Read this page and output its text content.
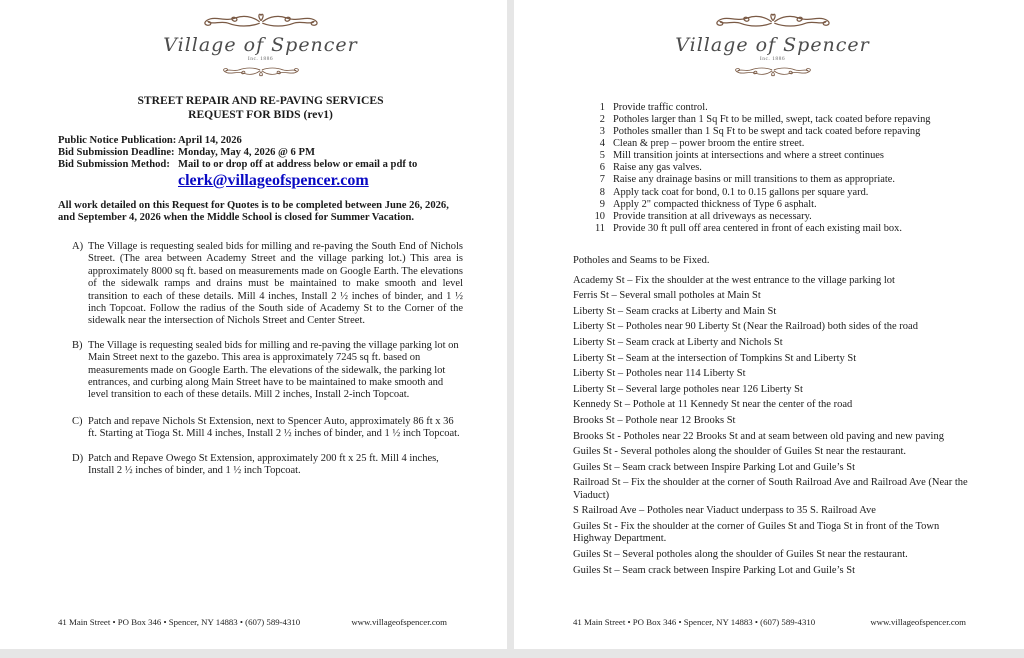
Village of Spencer
Inc. 1886
STREET REPAIR AND RE-PAVING SERVICES
REQUEST FOR BIDS (rev1)
Public Notice Publication: April 14, 2026
Bid Submission Deadline: Monday, May 4, 2026 @ 6 PM
Bid Submission Method: Mail to or drop off at address below or email a pdf to
clerk@villageofspencer.com
All work detailed on this Request for Quotes is to be completed between June 26, 2026, and September 4, 2026 when the Middle School is closed for Summer Vacation.
A) The Village is requesting sealed bids for milling and re-paving the South End of Nichols Street. (The area between Academy Street and the village parking lot.) This area is approximately 8000 sq ft. based on measurements made on Google Earth. The elevations of the sidewalk ramps and drains must be maintained to make smooth and level transition to each of these details. Mill 4 inches, Install 2 ½ inches of binder, and 1 ½ inch Topcoat. Follow the radius of the South side of Academy St to the Corner of the sidewalk near the intersection of Nichols Street and Center Street.
B) The Village is requesting sealed bids for milling and re-paving the village parking lot on Main Street next to the gazebo. This area is approximately 7245 sq ft. based on measurements made on Google Earth. The elevations of the sidewalk, the parking lot entrances, and curbing along Main Street have to be maintained to make smooth and level transition to each of these details. Mill 2 inches, Install 2-inch Topcoat.
C) Patch and repave Nichols St Extension, next to Spencer Auto, approximately 86 ft x 36 ft. Starting at Tioga St. Mill 4 inches, Install 2 ½ inches of binder, and 1 ½ inch Topcoat.
D) Patch and Repave Owego St Extension, approximately 200 ft x 25 ft. Mill 4 inches, Install 2 ½ inches of binder, and 1 ½ inch Topcoat.
41 Main Street • PO Box 346 • Spencer, NY 14883 • (607) 589-4310	www.villageofspencer.com
Village of Spencer
Inc. 1886
1 Provide traffic control.
2 Potholes larger than 1 Sq Ft to be milled, swept, tack coated before repaving
3 Potholes smaller than 1 Sq Ft to be swept and tack coated before repaving
4 Clean & prep – power broom the entire street.
5 Mill transition joints at intersections and where a street continues
6 Raise any gas valves.
7 Raise any drainage basins or mill transitions to them as appropriate.
8 Apply tack coat for bond, 0.1 to 0.15 gallons per square yard.
9 Apply 2" compacted thickness of Type 6 asphalt.
10 Provide transition at all driveways as necessary.
11 Provide 30 ft pull off area centered in front of each existing mail box.
Potholes and Seams to be Fixed.
Academy St – Fix the shoulder at the west entrance to the village parking lot
Ferris St – Several small potholes at Main St
Liberty St – Seam cracks at Liberty and Main St
Liberty St – Potholes near 90 Liberty St (Near the Railroad) both sides of the road
Liberty St – Seam crack at Liberty and Nichols St
Liberty St – Seam at the intersection of Tompkins St and Liberty St
Liberty St – Potholes near 114 Liberty St
Liberty St – Several large potholes near 126 Liberty St
Kennedy St – Pothole at 11 Kennedy St near the center of the road
Brooks St – Pothole near 12 Brooks St
Brooks St - Potholes near 22 Brooks St and at seam between old paving and new paving
Guiles St - Several potholes along the shoulder of Guiles St near the restaurant.
Guiles St – Seam crack between Inspire Parking Lot and Guile’s St
Railroad St – Fix the shoulder at the corner of South Railroad Ave and Railroad Ave (Near the Viaduct)
S Railroad Ave – Potholes near Viaduct underpass to 35 S. Railroad Ave
Guiles St - Fix the shoulder at the corner of Guiles St and Tioga St in front of the Town Highway Department.
Guiles St – Several potholes along the shoulder of Guiles St near the restaurant.
Guiles St – Seam crack between Inspire Parking Lot and Guile’s St
41 Main Street • PO Box 346 • Spencer, NY 14883 • (607) 589-4310	www.villageofspencer.com
